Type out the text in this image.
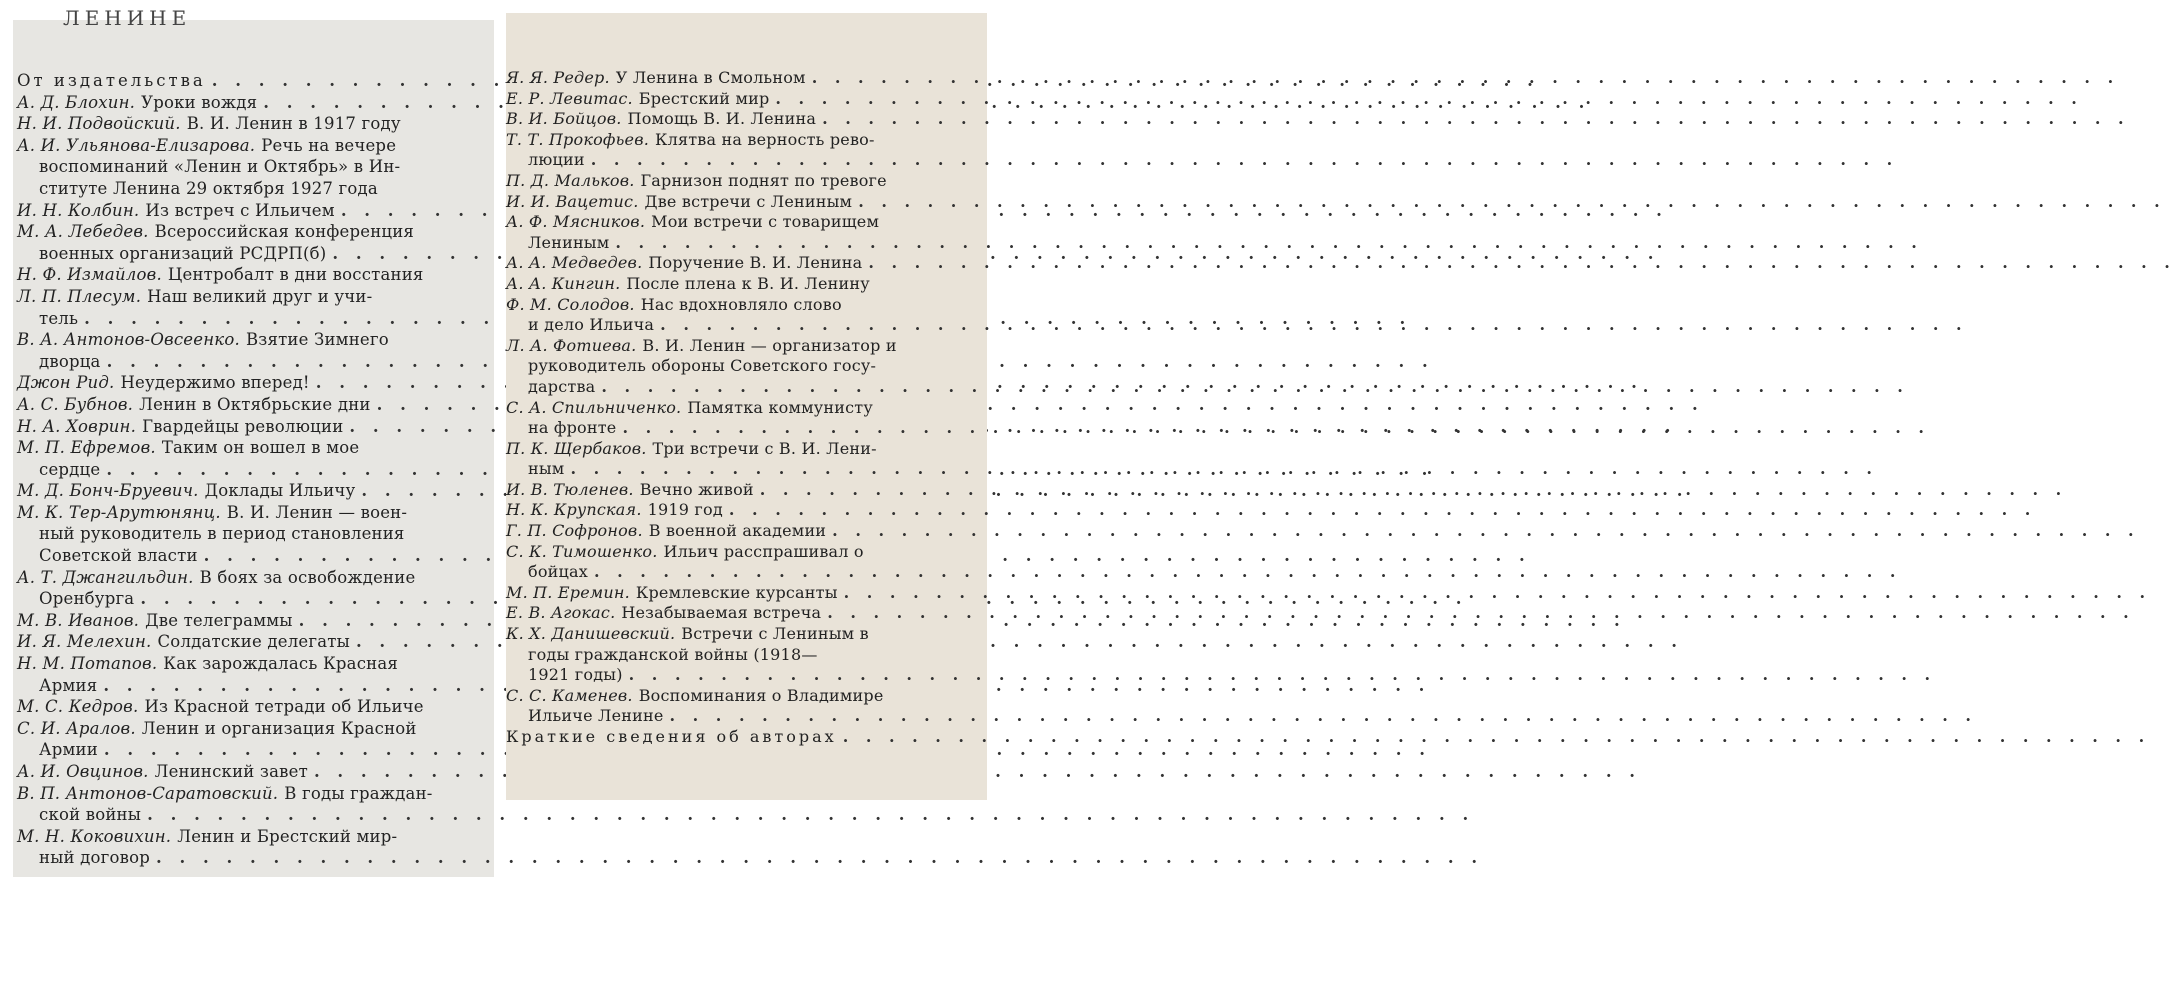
ЛЕНИНЕ
От издательства
. . .
А. Д. Блохин. Уроки вождя
. . .
Н. И. Подвойский. В. И. Ленин в 1917 году
А. И. Ульянова-Елизарова. Речь на вечере
воспоминаний «Ленин и Октябрь» в Ин-
ституте Ленина 29 октября 1927 года
И. Н. Колбин. Из встреч с Ильичем
. . .
М. А. Лебедев. Всероссийская конференция
военных организаций РСДРП(б)
. . .
Н. Ф. Измайлов. Центробалт в дни восстания
Л. П. Плесум. Наш великий друг и учи-
тель
. . .
В. А. Антонов-Овсеенко. Взятие Зимнего
дворца
. . .
Джон Рид. Неудержимо вперед!
. . .
А. С. Бубнов. Ленин в Октябрьские дни
. . .
Н. А. Ховрин. Гвардейцы революции
. . .
М. П. Ефремов. Таким он вошел в мое
сердце
. . .
М. Д. Бонч-Бруевич. Доклады Ильичу
. . .
М. К. Тер-Арутюнянц. В. И. Ленин — воен-
ный руководитель в период становления
Советской власти
. . .
А. Т. Джангильдин. В боях за освобождение
Оренбурга
. . .
М. В. Иванов. Две телеграммы
. . .
И. Я. Мелехин. Солдатские делегаты
. . .
Н. М. Потапов. Как зарождалась Красная
Армия
. . .
М. С. Кедров. Из Красной тетради об Ильиче
С. И. Аралов. Ленин и организация Красной
Армии
. . .
А. И. Овцинов. Ленинский завет
. . .
В. П. Антонов-Саратовский. В годы граждан-
ской войны
. . .
М. Н. Коковихин. Ленин и Брестский мир-
ный договор
. . .
Я. Я. Редер. У Ленина в Смольном
. . .
Е. Р. Левитас. Брестский мир
. . .
В. И. Бойцов. Помощь В. И. Ленина
. . .
Т. Т. Прокофьев. Клятва на верность рево-
люции
. . .
П. Д. Мальков. Гарнизон поднят по тревоге
И. И. Вацетис. Две встречи с Лениным
. . .
А. Ф. Мясников. Мои встречи с товарищем
Лениным
. . .
А. А. Медведев. Поручение В. И. Ленина
. . .
А. А. Кингин. После плена к В. И. Ленину
Ф. М. Солодов. Нас вдохновляло слово
и дело Ильича
. . .
Л. А. Фотиева. В. И. Ленин — организатор и
руководитель обороны Советского госу-
дарства
. . .
С. А. Спильниченко. Памятка коммунисту
на фронте
. . .
П. К. Щербаков. Три встречи с В. И. Лени-
ным
. . .
И. В. Тюленев. Вечно живой
. . .
Н. К. Крупская. 1919 год
. . .
Г. П. Софронов. В военной академии
. . .
С. К. Тимошенко. Ильич расспрашивал о
бойцах
. . .
М. П. Еремин. Кремлевские курсанты
. . .
Е. В. Агокас. Незабываемая встреча
. . .
К. Х. Данишевский. Встречи с Лениным в
годы гражданской войны (1918—
1921 годы)
. . .
С. С. Каменев. Воспоминания о Владимире
Ильиче Ленине
. . .
Краткие сведения об авторах
. . .
